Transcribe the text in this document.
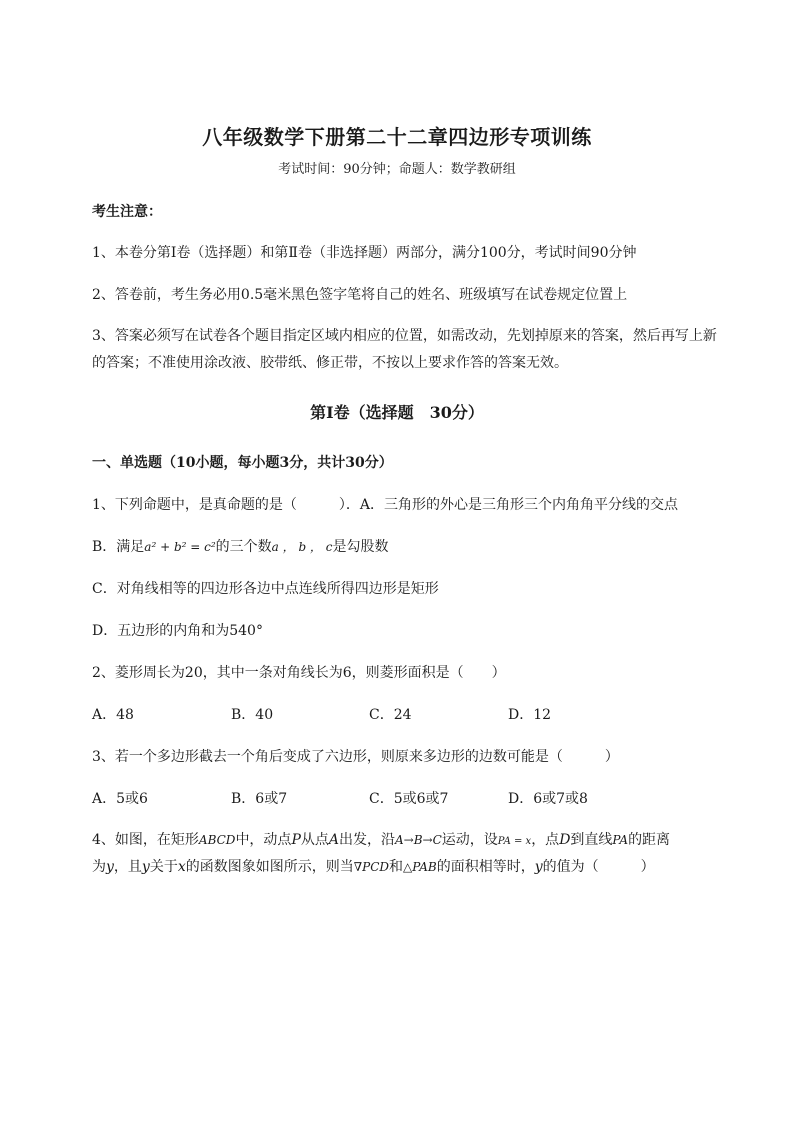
八年级数学下册第二十二章四边形专项训练
考试时间：90分钟；命题人：数学教研组
考生注意：
1、本卷分第I卷（选择题）和第Ⅱ卷（非选择题）两部分，满分100分，考试时间90分钟
2、答卷前，考生务必用0.5毫米黑色签字笔将自己的姓名、班级填写在试卷规定位置上
3、答案必须写在试卷各个题目指定区域内相应的位置，如需改动，先划掉原来的答案，然后再写上新
的答案；不准使用涂改液、胶带纸、修正带，不按以上要求作答的答案无效。
第I卷（选择题　30分）
一、单选题（10小题，每小题3分，共计30分）
1、下列命题中，是真命题的是（　　　）．A．三角形的外心是三角形三个内角角平分线的交点
B．满足a² + b² = c²的三个数a ， b ， c是勾股数
C．对角线相等的四边形各边中点连线所得四边形是矩形
D．五边形的内角和为540°
2、菱形周长为20，其中一条对角线长为6，则菱形面积是（　　）
A．48	B．40	C．24	D．12
3、若一个多边形截去一个角后变成了六边形，则原来多边形的边数可能是（　　　）
A．5或6	B．6或7	C．5或6或7	D．6或7或8
4、如图，在矩形ABCD中，动点P从点A出发，沿A→B→C运动，设PA = x，点D到直线PA的距离
为y，且y关于x的函数图象如图所示，则当∇PCD和△PAB的面积相等时，y的值为（　　　）
